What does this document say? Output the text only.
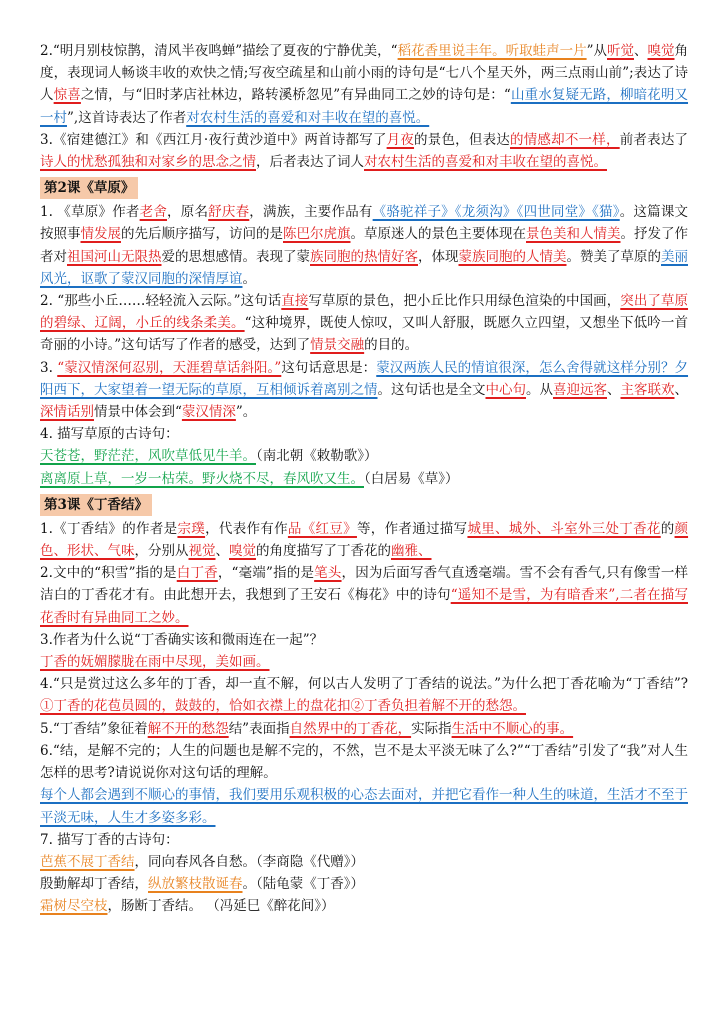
2.“明月别枝惊鹊，清风半夜鸣蝉”描绘了夏夜的宁静优美，“稻花香里说丰年。听取蛙声一片”从听觉、嗅觉角度，表现词人畅谈丰收的欢快之情;写夜空疏星和山前小雨的诗句是“七八个星天外，两三点雨山前”;表达了诗人惊喜之情，与“旧时茅店社林边，路转溪桥忽见”有异曲同工之妙的诗句是：“山重水复疑无路，柳暗花明又一村”,这首诗表达了作者对农村生活的喜爱和对丰收在望的喜悦。

3.《宿建德江》和《西江月·夜行黄沙道中》两首诗都写了月夜的景色，但表达的情感却不一样，前者表达了诗人的忧愁孤独和对家乡的思念之情，后者表达了词人对农村生活的喜爱和对丰收在望的喜悦。

第2课《草原》

1. 《草原》作者老舍，原名舒庆春，满族，主要作品有《骆驼祥子》《龙须沟》《四世同堂》《猫》。这篇课文按照事情发展的先后顺序描写，访问的是陈巴尔虎旗。草原迷人的景色主要体现在景色美和人情美。抒发了作者对祖国河山无限热爱的思想感情。表现了蒙族同胞的热情好客，体现蒙族同胞的人情美。赞美了草原的美丽风光，讴歌了蒙汉同胞的深情厚谊。

2. “那些小丘……轻轻流入云际。”这句话直接写草原的景色，把小丘比作只用绿色渲染的中国画，突出了草原的碧绿、辽阔，小丘的线条柔美。“这种境界，既使人惊叹，又叫人舒服，既愿久立四望，又想坐下低吟一首奇丽的小诗。”这句话写了作者的感受，达到了情景交融的目的。

3. “蒙汉情深何忍别，天涯碧草话斜阳。”这句话意思是：蒙汉两族人民的情谊很深，怎么舍得就这样分别？夕阳西下，大家望着一望无际的草原，互相倾诉着离别之情。这句话也是全文中心句。从喜迎远客、主客联欢、深情话别情景中体会到“蒙汉情深”。

4. 描写草原的古诗句：

天苍苍，野茫茫，风吹草低见牛羊。（南北朝《敕勒歌》）
离离原上草，一岁一枯荣。野火烧不尽，春风吹又生。（白居易《草》）
第3课《丁香结》

1.《丁香结》的作者是宗璞，代表作有作品《红豆》等，作者通过描写城里、城外、斗室外三处丁香花的颜色、形状、气味，分别从视觉、嗅觉的角度描写了丁香花的幽雅、

2.文中的“积雪”指的是白丁香，“毫端”指的是笔头，因为后面写香气直透毫端。雪不会有香气,只有像雪一样洁白的丁香花才有。由此想开去，我想到了王安石《梅花》中的诗句“遥知不是雪，为有暗香来”,二者在描写花香时有异曲同工之妙。

3.作者为什么说“丁香确实该和微雨连在一起”？

丁香的妩媚朦胧在雨中尽现，美如画。

4.“只是赏过这么多年的丁香，却一直不解，何以古人发明了丁香结的说法。”为什么把丁香花喻为“丁香结”?①丁香的花苞员圆的，鼓鼓的，恰如衣襟上的盘花扣②丁香负担着解不开的愁怨。

5.“丁香结”象征着解不开的愁怨结”表面指自然界中的丁香花，实际指生活中不顺心的事。

6.“结，是解不完的；人生的问题也是解不完的，不然，岂不是太平淡无味了么?”“丁香结”引发了“我”对人生怎样的思考?请说说你对这句话的理解。

每个人都会遇到不顺心的事情，我们要用乐观积极的心态去面对，并把它看作一种人生的味道，生活才不至于平淡无味，人生才多姿多彩。

7. 描写丁香的古诗句：

芭蕉不展丁香结，同向春风各自愁。（李商隐《代赠》）
殷勤解却丁香结，纵放繁枝散诞春。（陆龟蒙《丁香》）
霜树尽空枝，肠断丁香结。 （冯延巳《醉花间》）
